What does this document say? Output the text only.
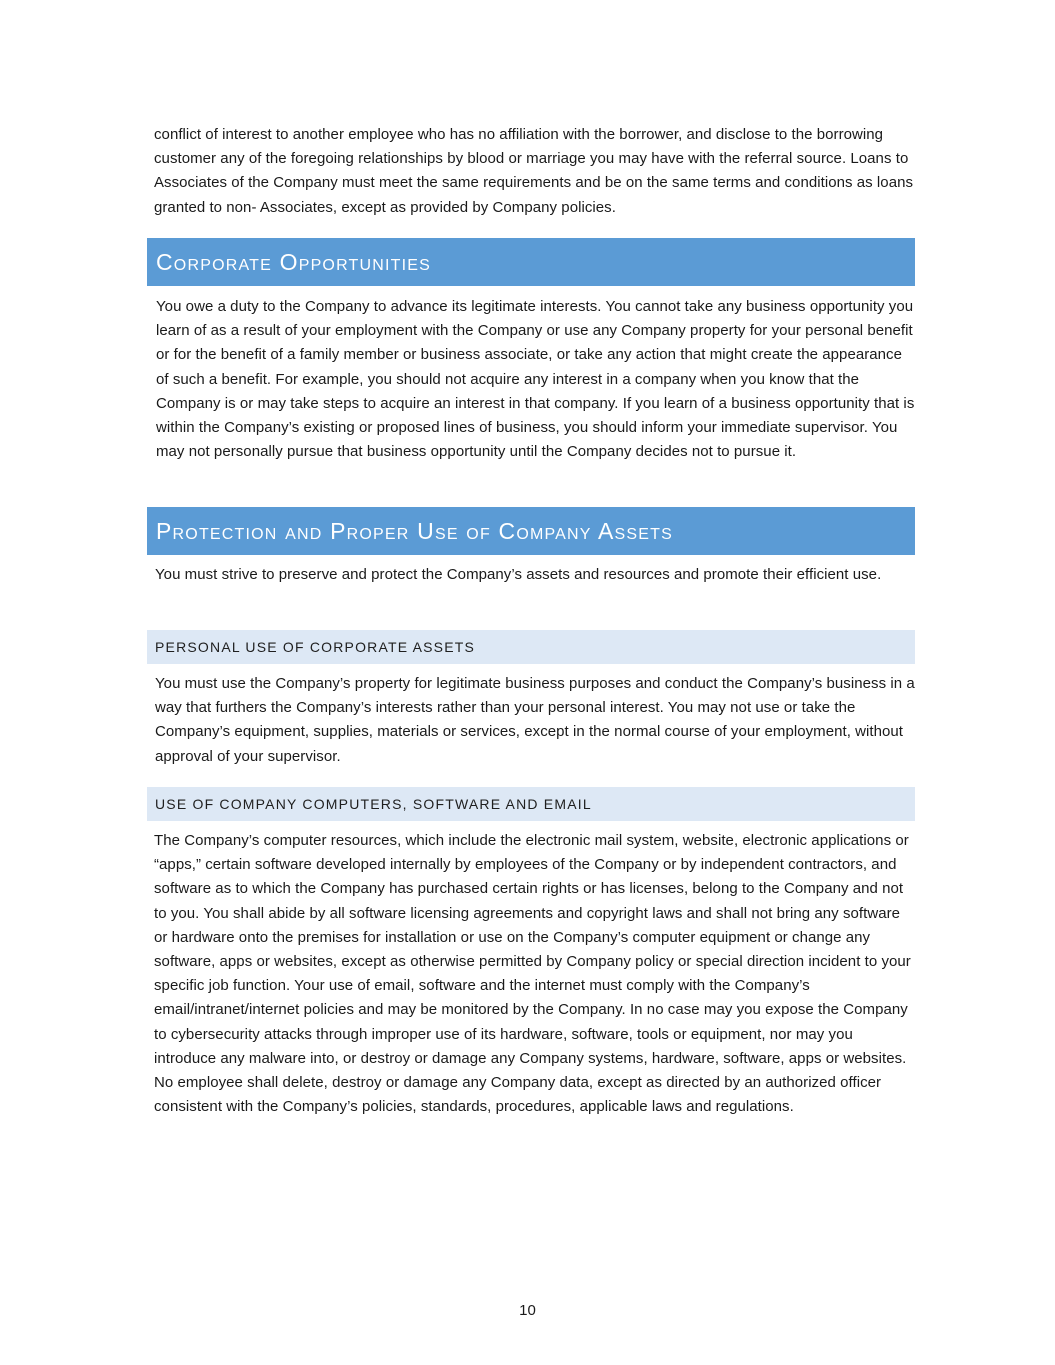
conflict of interest to another employee who has no affiliation with the borrower, and disclose to the borrowing customer any of the foregoing relationships by blood or marriage you may have with the referral source. Loans to Associates of the Company must meet the same requirements and be on the same terms and conditions as loans granted to non- Associates, except as provided by Company policies.

Corporate Opportunities

You owe a duty to the Company to advance its legitimate interests. You cannot take any business opportunity you learn of as a result of your employment with the Company or use any Company property for your personal benefit or for the benefit of a family member or business associate, or take any action that might create the appearance of such a benefit. For example, you should not acquire any interest in a company when you know that the Company is or may take steps to acquire an interest in that company. If you learn of a business opportunity that is within the Company’s existing or proposed lines of business, you should inform your immediate supervisor. You may not personally pursue that business opportunity until the Company decides not to pursue it.

Protection and Proper Use of Company Assets

You must strive to preserve and protect the Company’s assets and resources and promote their efficient use.

PERSONAL USE OF CORPORATE ASSETS

You must use the Company’s property for legitimate business purposes and conduct the Company’s business in a way that furthers the Company’s interests rather than your personal interest. You may not use or take the Company’s equipment, supplies, materials or services, except in the normal course of your employment, without approval of your supervisor.

USE OF COMPANY COMPUTERS, SOFTWARE AND EMAIL

The Company’s computer resources, which include the electronic mail system, website, electronic applications or “apps,” certain software developed internally by employees of the Company or by independent contractors, and software as to which the Company has purchased certain rights or has licenses, belong to the Company and not to you. You shall abide by all software licensing agreements and copyright laws and shall not bring any software or hardware onto the premises for installation or use on the Company’s computer equipment or change any software, apps or websites, except as otherwise permitted by Company policy or special direction incident to your specific job function. Your use of email, software and the internet must comply with the Company’s email/intranet/internet policies and may be monitored by the Company. In no case may you expose the Company to cybersecurity attacks through improper use of its hardware, software, tools or equipment, nor may you introduce any malware into, or destroy or damage any Company systems, hardware, software, apps or websites. No employee shall delete, destroy or damage any Company data, except as directed by an authorized officer consistent with the Company’s policies, standards, procedures, applicable laws and regulations.

10
